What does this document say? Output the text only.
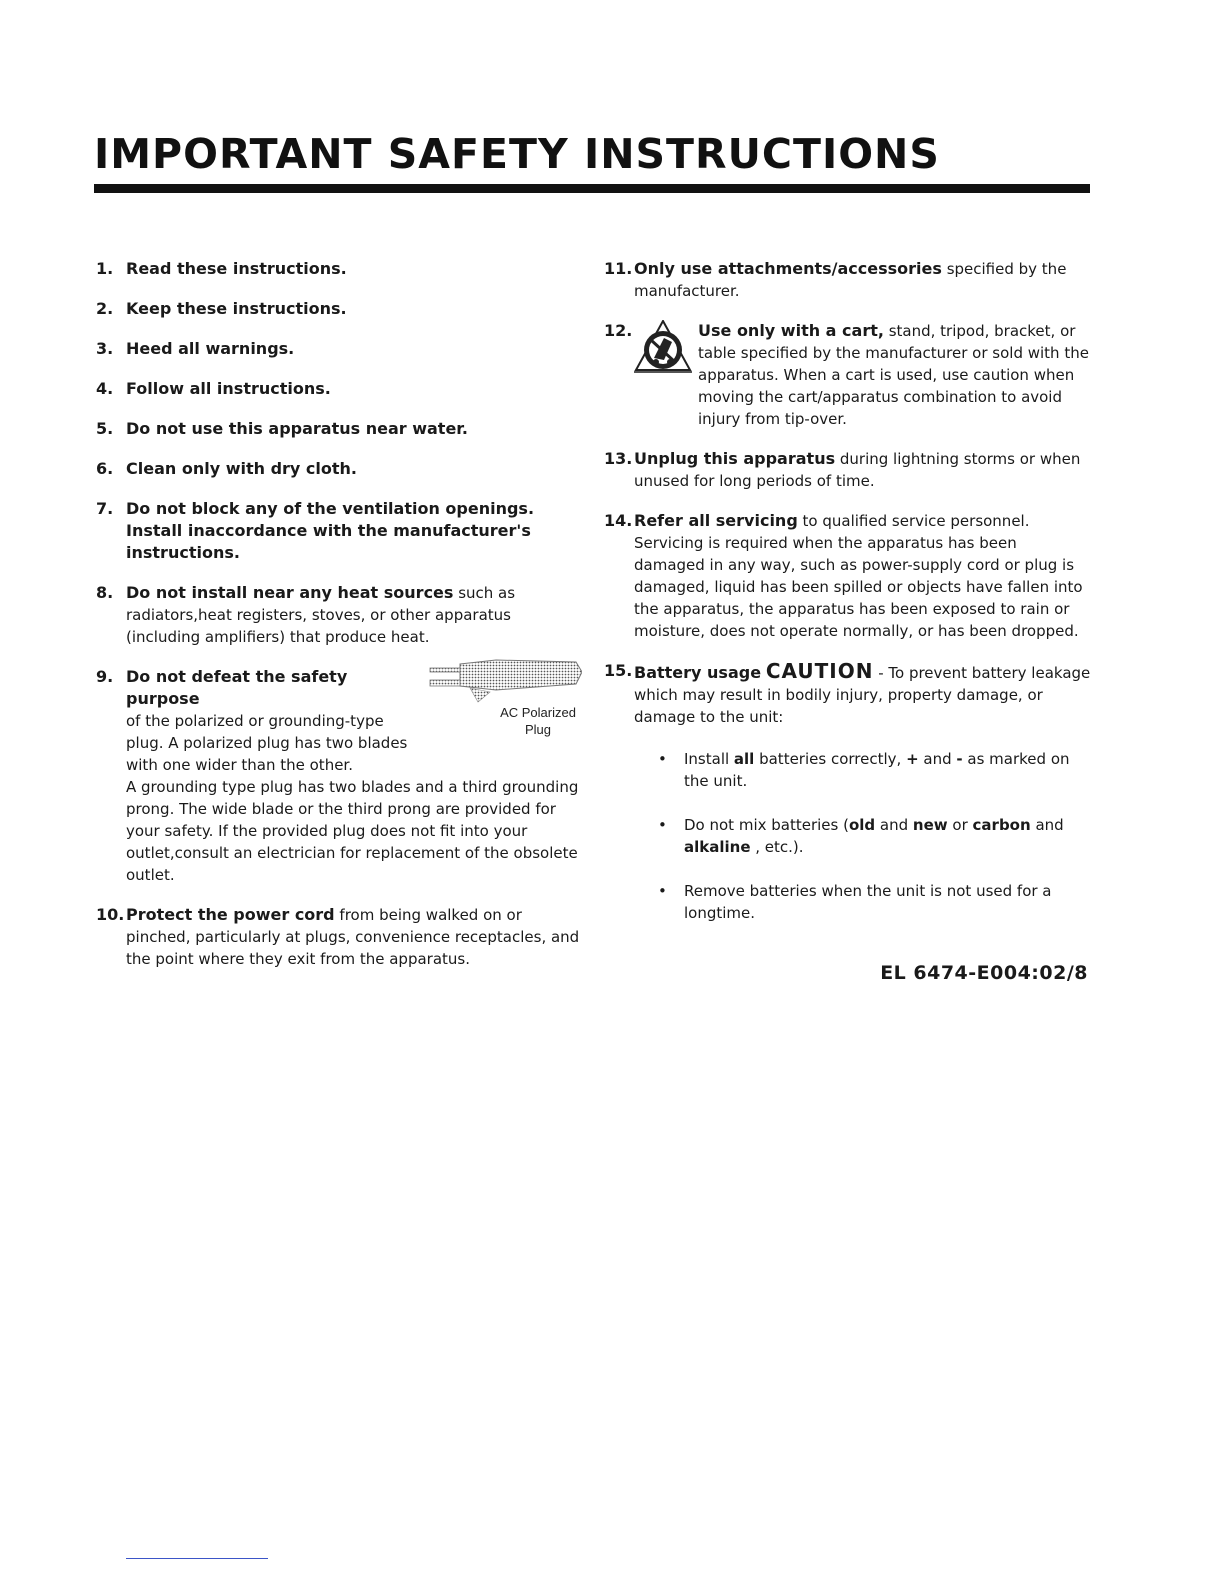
IMPORTANT SAFETY INSTRUCTIONS
1. Read these instructions.
2. Keep these instructions.
3. Heed all warnings.
4. Follow all instructions.
5. Do not use this apparatus near water.
6. Clean only with dry cloth.
7. Do not block any of the ventilation openings. Install inaccordance with the manufacturer's instructions.
8. Do not install near any heat sources such as radiators,heat registers, stoves, or other apparatus (including amplifiers) that produce heat.
9.
AC Polarized
Plug
Do not defeat the safety purpose
of the polarized or grounding-type plug. A polarized plug has two blades with one wider than the other.

A grounding type plug has two blades and a third grounding prong. The wide blade or the third prong are provided for your safety. If the provided plug does not fit into your outlet,consult an electrician for replacement of the obsolete outlet.

10. Protect the power cord from being walked on or pinched, particularly at plugs, convenience receptacles, and the point where they exit from the apparatus.
11. Only use attachments/accessories specified by the manufacturer.
12.	Use only with a cart, stand, tripod, bracket, or table specified by the manufacturer or sold with the apparatus. When a cart is used, use caution when moving the cart/apparatus combination to avoid injury from tip-over.
13. Unplug this apparatus during lightning storms or when unused for long periods of time.
14. Refer all servicing to qualified service personnel. Servicing is required when the apparatus has been damaged in any way, such as power-supply cord or plug is damaged, liquid has been spilled or objects have fallen into the apparatus, the apparatus has been exposed to rain or moisture, does not operate normally, or has been dropped.
15. Battery usage CAUTION - To prevent battery leakage which may result in bodily injury, property damage, or damage to the unit:
• Install all batteries correctly, + and - as marked on the unit.
• Do not mix batteries (old and new or carbon and alkaline , etc.).
• Remove batteries when the unit is not used for a longtime.
EL 6474-E004:02/8
